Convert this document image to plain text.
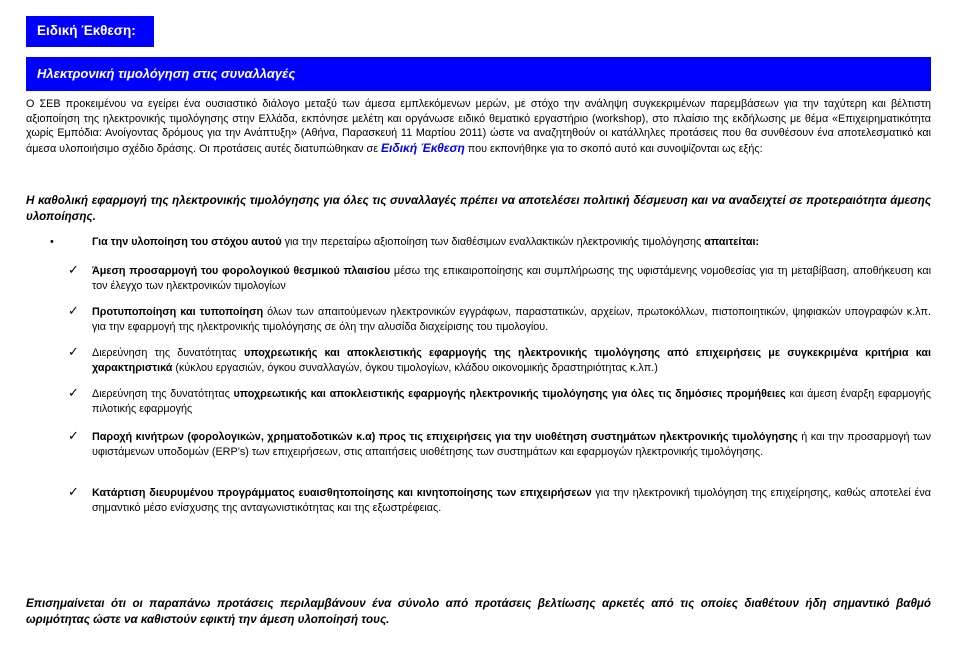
Ειδική Έκθεση:
Ηλεκτρονική τιμολόγηση στις συναλλαγές

Ο ΣΕΒ προκειμένου να εγείρει ένα ουσιαστικό διάλογο μεταξύ των άμεσα εμπλεκόμενων μερών, με στόχο την ανάληψη συγκεκριμένων παρεμβάσεων για την ταχύτερη και βέλτιστη αξιοποίηση της ηλεκτρονικής τιμολόγησης στην Ελλάδα, εκπόνησε μελέτη και οργάνωσε ειδικό θεματικό εργαστήριο (workshop), στο πλαίσιο της εκδήλωσης με θέμα «Επιχειρηματικότητα χωρίς Εμπόδια: Ανοίγοντας δρόμους για την Ανάπτυξη» (Αθήνα, Παρασκευή 11 Μαρτίου 2011) ώστε να αναζητηθούν οι κατάλληλες προτάσεις που θα συνθέσουν ένα αποτελεσματικό και άμεσα υλοποιήσιμο σχέδιο δράσης. Οι προτάσεις αυτές διατυπώθηκαν σε Ειδική Έκθεση που εκπονήθηκε για το σκοπό αυτό και συνοψίζονται ως εξής:

Η καθολική εφαρμογή της ηλεκτρονικής τιμολόγησης για όλες τις συναλλαγές πρέπει να αποτελέσει πολιτική δέσμευση και να αναδειχτεί σε προτεραιότητα άμεσης υλοποίησης.

•	Για την υλοποίηση του στόχου αυτού για την περεταίρω αξιοποίηση των διαθέσιμων εναλλακτικών ηλεκτρονικής τιμολόγησης απαιτείται:
✓ Άμεση προσαρμογή του φορολογικού θεσμικού πλαισίου μέσω της επικαιροποίησης και συμπλήρωσης της υφιστάμενης νομοθεσίας για τη μεταβίβαση, αποθήκευση και τον έλεγχο των ηλεκτρονικών τιμολογίων

✓ Προτυποποίηση και τυποποίηση όλων των απαιτούμενων ηλεκτρονικών εγγράφων, παραστατικών, αρχείων, πρωτοκόλλων, πιστοποιητικών, ψηφιακών υπογραφών κ.λπ. για την εφαρμογή της ηλεκτρονικής τιμολόγησης σε όλη την αλυσίδα διαχείρισης του τιμολογίου.

✓ Διερεύνηση της δυνατότητας υποχρεωτικής και αποκλειστικής εφαρμογής της ηλεκτρονικής τιμολόγησης από επιχειρήσεις με συγκεκριμένα κριτήρια και χαρακτηριστικά (κύκλου εργασιών, όγκου συναλλαγών, όγκου τιμολογίων, κλάδου οικονομικής δραστηριότητας κ.λπ.)

✓ Διερεύνηση της δυνατότητας υποχρεωτικής και αποκλειστικής εφαρμογής ηλεκτρονικής τιμολόγησης για όλες τις δημόσιες προμήθειες και άμεση έναρξη εφαρμογής πιλοτικής εφαρμογής

✓ Παροχή κινήτρων (φορολογικών, χρηματοδοτικών κ.α) προς τις επιχειρήσεις για την υιοθέτηση συστημάτων ηλεκτρονικής τιμολόγησης ή και την προσαρμογή των υφιστάμενων υποδομών (ERP’s) των επιχειρήσεων, στις απαιτήσεις υιοθέτησης των συστημάτων και εφαρμογών ηλεκτρονικής τιμολόγησης.

✓ Κατάρτιση διευρυμένου προγράμματος ευαισθητοποίησης και κινητοποίησης των επιχειρήσεων για την ηλεκτρονική τιμολόγηση της επιχείρησης, καθώς αποτελεί ένα σημαντικό μέσο ενίσχυσης της ανταγωνιστικότητας και της εξωστρέφειας.

Επισημαίνεται ότι οι παραπάνω προτάσεις περιλαμβάνουν ένα σύνολο από προτάσεις βελτίωσης αρκετές από τις οποίες διαθέτουν ήδη σημαντικό βαθμό ωριμότητας ώστε να καθιστούν εφικτή την άμεση υλοποίησή τους.
